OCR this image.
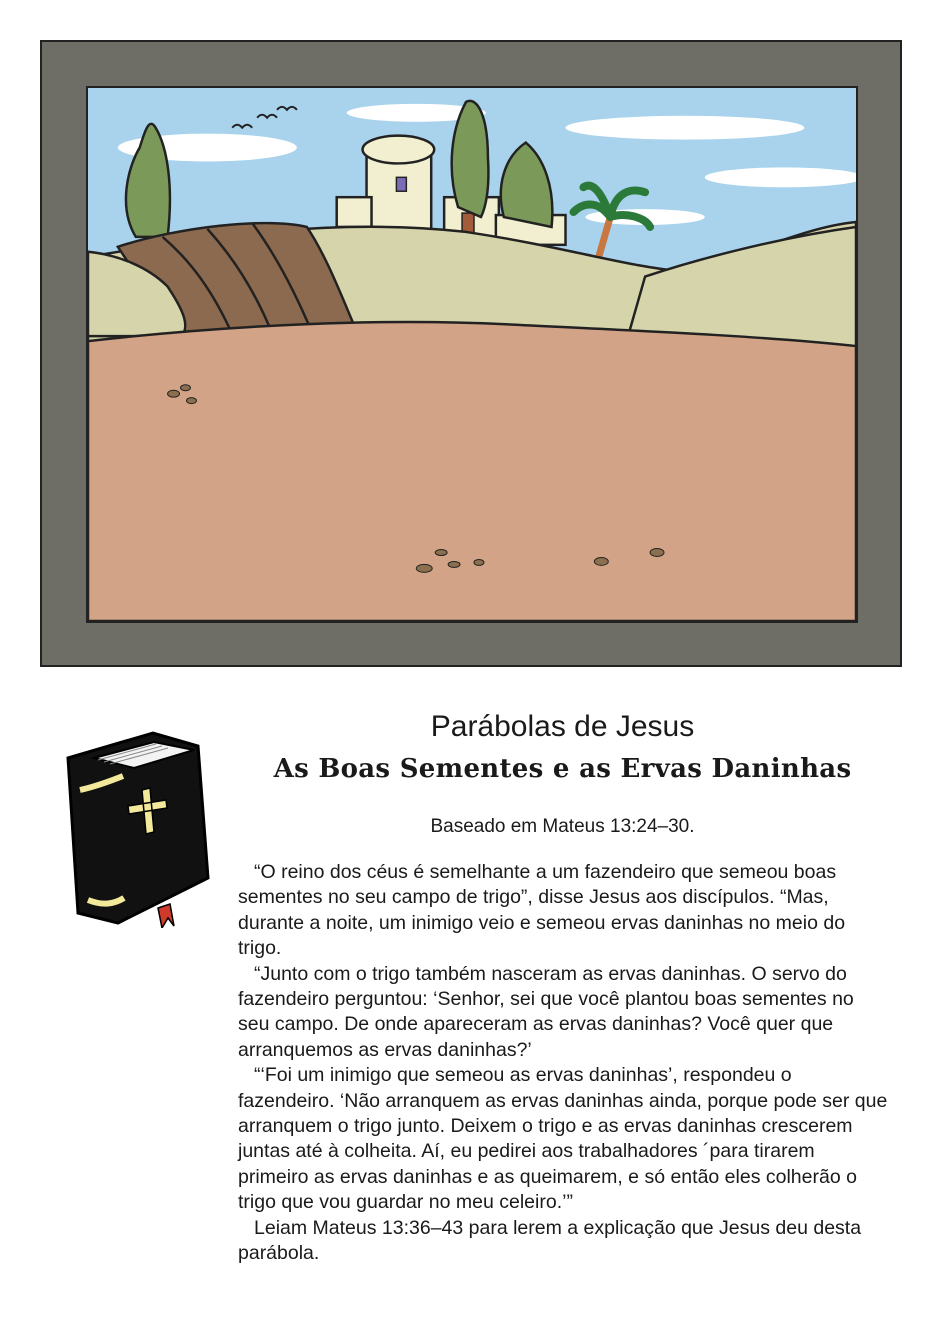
Parábolas de Jesus
As Boas Sementes e as Ervas Daninhas

Baseado em Mateus 13:24–30.

“O reino dos céus é semelhante a um fazendeiro que semeou boas sementes no seu campo de trigo”, disse Jesus aos discípulos. “Mas, durante a noite, um inimigo veio e semeou ervas daninhas no meio do trigo.

“Junto com o trigo também nasceram as ervas daninhas. O servo do fazendeiro perguntou: ‘Senhor, sei que você plantou boas sementes no seu campo. De onde apareceram as ervas daninhas? Você quer que arranquemos as ervas daninhas?’

“‘Foi um inimigo que semeou as ervas daninhas’, respondeu o fazendeiro. ‘Não arranquem as ervas daninhas ainda, porque pode ser que arranquem o trigo junto. Deixem o trigo e as ervas daninhas crescerem juntas até à colheita. Aí, eu pedirei aos trabalhadores ´para tirarem primeiro as ervas daninhas e as queimarem, e só então eles colherão o trigo que vou guardar no meu celeiro.’”

Leiam Mateus 13:36–43 para lerem a explicação que Jesus deu desta parábola.
